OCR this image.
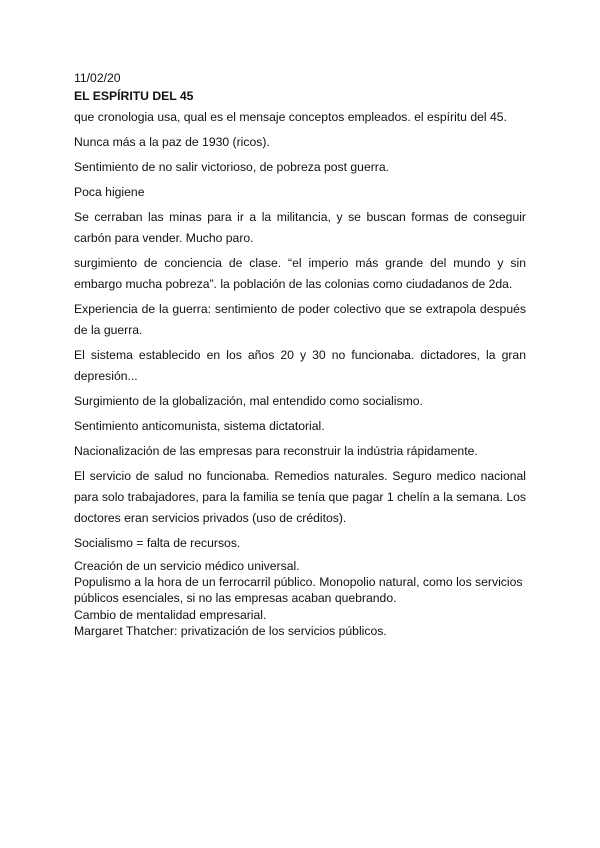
11/02/20
EL ESPÍRITU DEL 45

que cronologia usa, qual es el mensaje conceptos empleados. el espíritu del 45.

Nunca más a la paz de 1930 (ricos).

Sentimiento de no salir victorioso, de pobreza post guerra.

Poca higiene

Se cerraban las minas para ir a la militancia, y se buscan formas de conseguir carbón para vender. Mucho paro.

surgimiento de conciencia de clase. “el imperio más grande del mundo y sin embargo mucha pobreza”. la población de las colonias como ciudadanos de 2da.

Experiencia de la guerra: sentimiento de poder colectivo que se extrapola después de la guerra.

El sistema establecido en los años 20 y 30 no funcionaba. dictadores, la gran depresión...

Surgimiento de la globalización, mal entendido como socialismo.

Sentimiento anticomunista, sistema dictatorial.

Nacionalización de las empresas para reconstruir la indústria rápidamente.

El servicio de salud no funcionaba. Remedios naturales. Seguro medico nacional para solo trabajadores, para la familia se tenía que pagar 1 chelín a la semana. Los doctores eran servicios privados (uso de créditos).

Socialismo = falta de recursos.

Creación de un servicio médico universal.

Populismo a la hora de un ferrocarril público. Monopolio natural, como los servicios públicos esenciales, si no las empresas acaban quebrando.

Cambio de mentalidad empresarial.

Margaret Thatcher: privatización de los servicios públicos.
